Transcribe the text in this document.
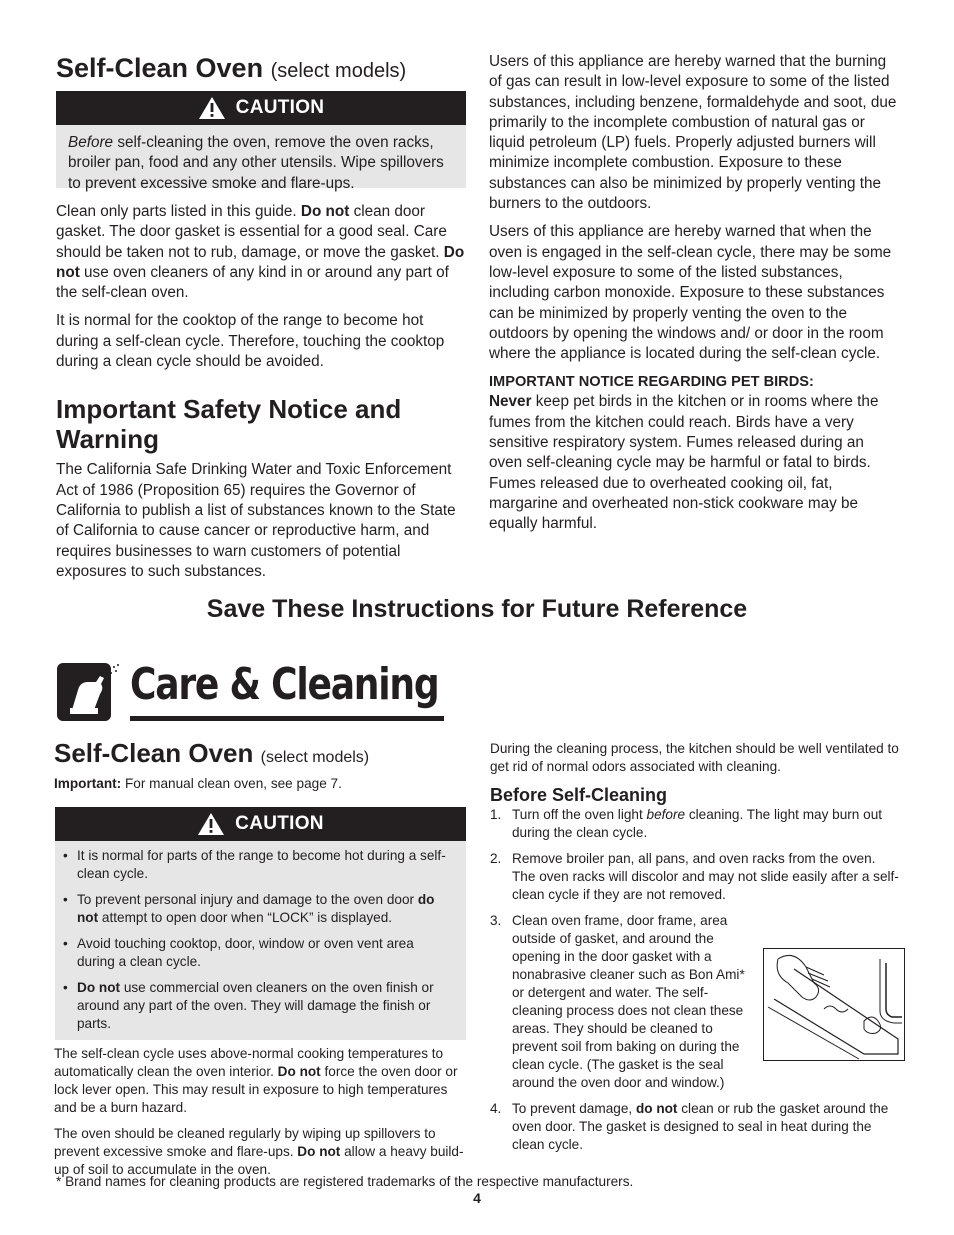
Self-Clean Oven (select models)
CAUTION

Before self-cleaning the oven, remove the oven racks, broiler pan, food and any other utensils. Wipe spillovers to prevent excessive smoke and flare-ups.

Clean only parts listed in this guide. Do not clean door gasket. The door gasket is essential for a good seal. Care should be taken not to rub, damage, or move the gasket. Do not use oven cleaners of any kind in or around any part of the self-clean oven.

It is normal for the cooktop of the range to become hot during a self-clean cycle. Therefore, touching the cooktop during a clean cycle should be avoided.

Important Safety Notice and Warning

The California Safe Drinking Water and Toxic Enforcement Act of 1986 (Proposition 65) requires the Governor of California to publish a list of substances known to the State of California to cause cancer or reproductive harm, and requires businesses to warn customers of potential exposures to such substances.

Users of this appliance are hereby warned that the burning of gas can result in low-level exposure to some of the listed substances, including benzene, formaldehyde and soot, due primarily to the incomplete combustion of natural gas or liquid petroleum (LP) fuels. Properly adjusted burners will minimize incomplete combustion. Exposure to these substances can also be minimized by properly venting the burners to the outdoors.

Users of this appliance are hereby warned that when the oven is engaged in the self-clean cycle, there may be some low-level exposure to some of the listed substances, including carbon monoxide. Exposure to these substances can be minimized by properly venting the oven to the outdoors by opening the windows and/ or door in the room where the appliance is located during the self-clean cycle.

IMPORTANT NOTICE REGARDING PET BIRDS:

Never keep pet birds in the kitchen or in rooms where the fumes from the kitchen could reach. Birds have a very sensitive respiratory system. Fumes released during an oven self-cleaning cycle may be harmful or fatal to birds. Fumes released due to overheated cooking oil, fat, margarine and overheated non-stick cookware may be equally harmful.

Save These Instructions for Future Reference
Care & Cleaning
Self-Clean Oven (select models)

Important: For manual clean oven, see page 7.

CAUTION
• It is normal for parts of the range to become hot during a self-clean cycle.
• To prevent personal injury and damage to the oven door do not attempt to open door when “LOCK” is displayed.
• Avoid touching cooktop, door, window or oven vent area during a clean cycle.
• Do not use commercial oven cleaners on the oven finish or around any part of the oven. They will damage the finish or parts.

The self-clean cycle uses above-normal cooking temperatures to automatically clean the oven interior. Do not force the oven door or lock lever open. This may result in exposure to high temperatures and be a burn hazard.

The oven should be cleaned regularly by wiping up spillovers to prevent excessive smoke and flare-ups. Do not allow a heavy build-up of soil to accumulate in the oven.

During the cleaning process, the kitchen should be well ventilated to get rid of normal odors associated with cleaning.

Before Self-Cleaning
1. Turn off the oven light before cleaning. The light may burn out during the clean cycle.
2. Remove broiler pan, all pans, and oven racks from the oven. The oven racks will discolor and may not slide easily after a self-clean cycle if they are not removed.
3. Clean oven frame, door frame, area outside of gasket, and around the opening in the door gasket with a nonabrasive cleaner such as Bon Ami* or detergent and water. The self-cleaning process does not clean these areas. They should be cleaned to prevent soil from baking on during the clean cycle. (The gasket is the seal around the oven door and window.)
4. To prevent damage, do not clean or rub the gasket around the oven door. The gasket is designed to seal in heat during the clean cycle.
* Brand names for cleaning products are registered trademarks of the respective manufacturers.
4
